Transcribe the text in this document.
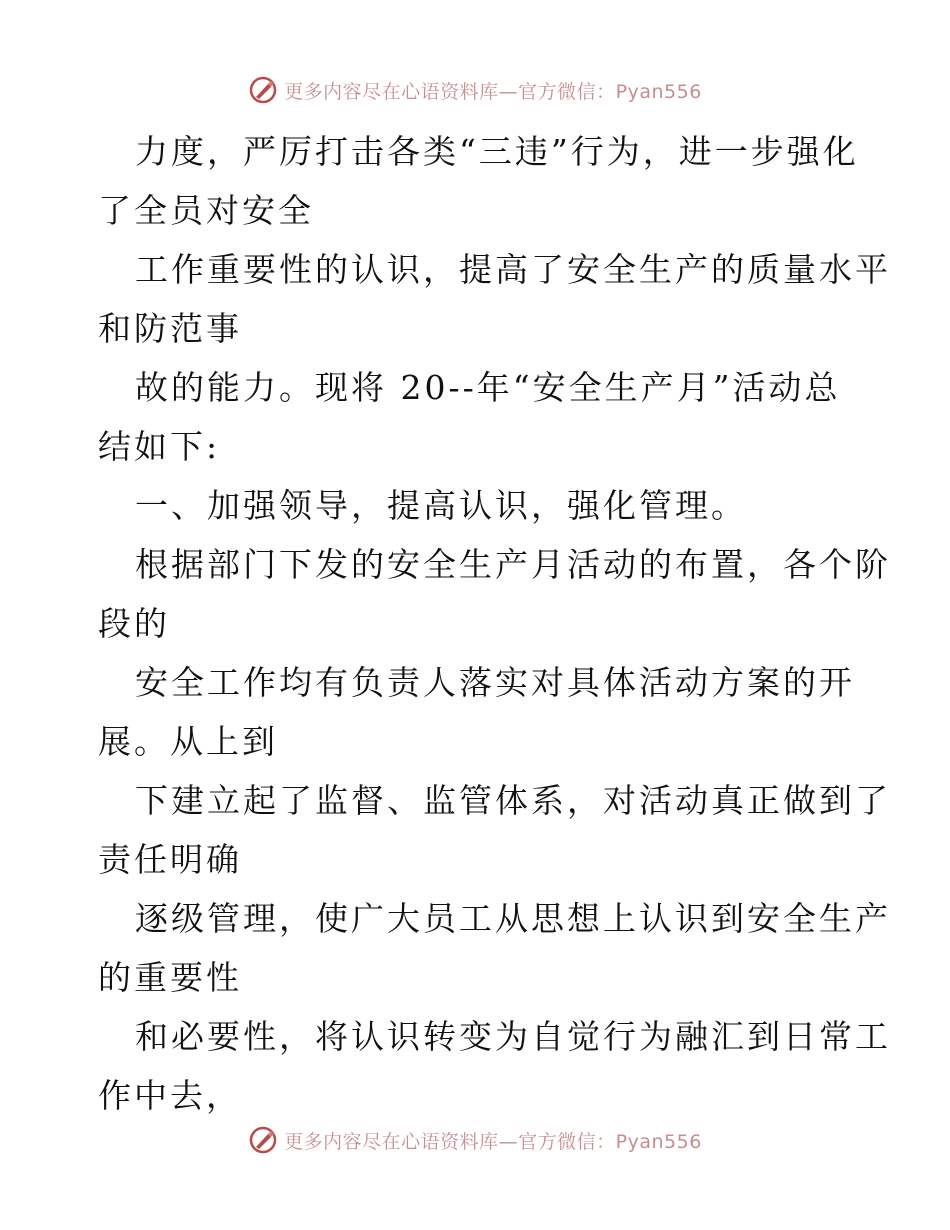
更多内容尽在心语资料库—官方微信：Pyan556

力度，严厉打击各类“三违”行为，进一步强化
了全员对安全

工作重要性的认识，提高了安全生产的质量水平
和防范事

故的能力。现将 20--年“安全生产月”活动总
结如下:

一、加强领导，提高认识，强化管理。

根据部门下发的安全生产月活动的布置，各个阶
段的

安全工作均有负责人落实对具体活动方案的开
展。从上到

下建立起了监督、监管体系，对活动真正做到了
责任明确

逐级管理，使广大员工从思想上认识到安全生产
的重要性

和必要性，将认识转变为自觉行为融汇到日常工
作中去，

更多内容尽在心语资料库—官方微信：Pyan556
